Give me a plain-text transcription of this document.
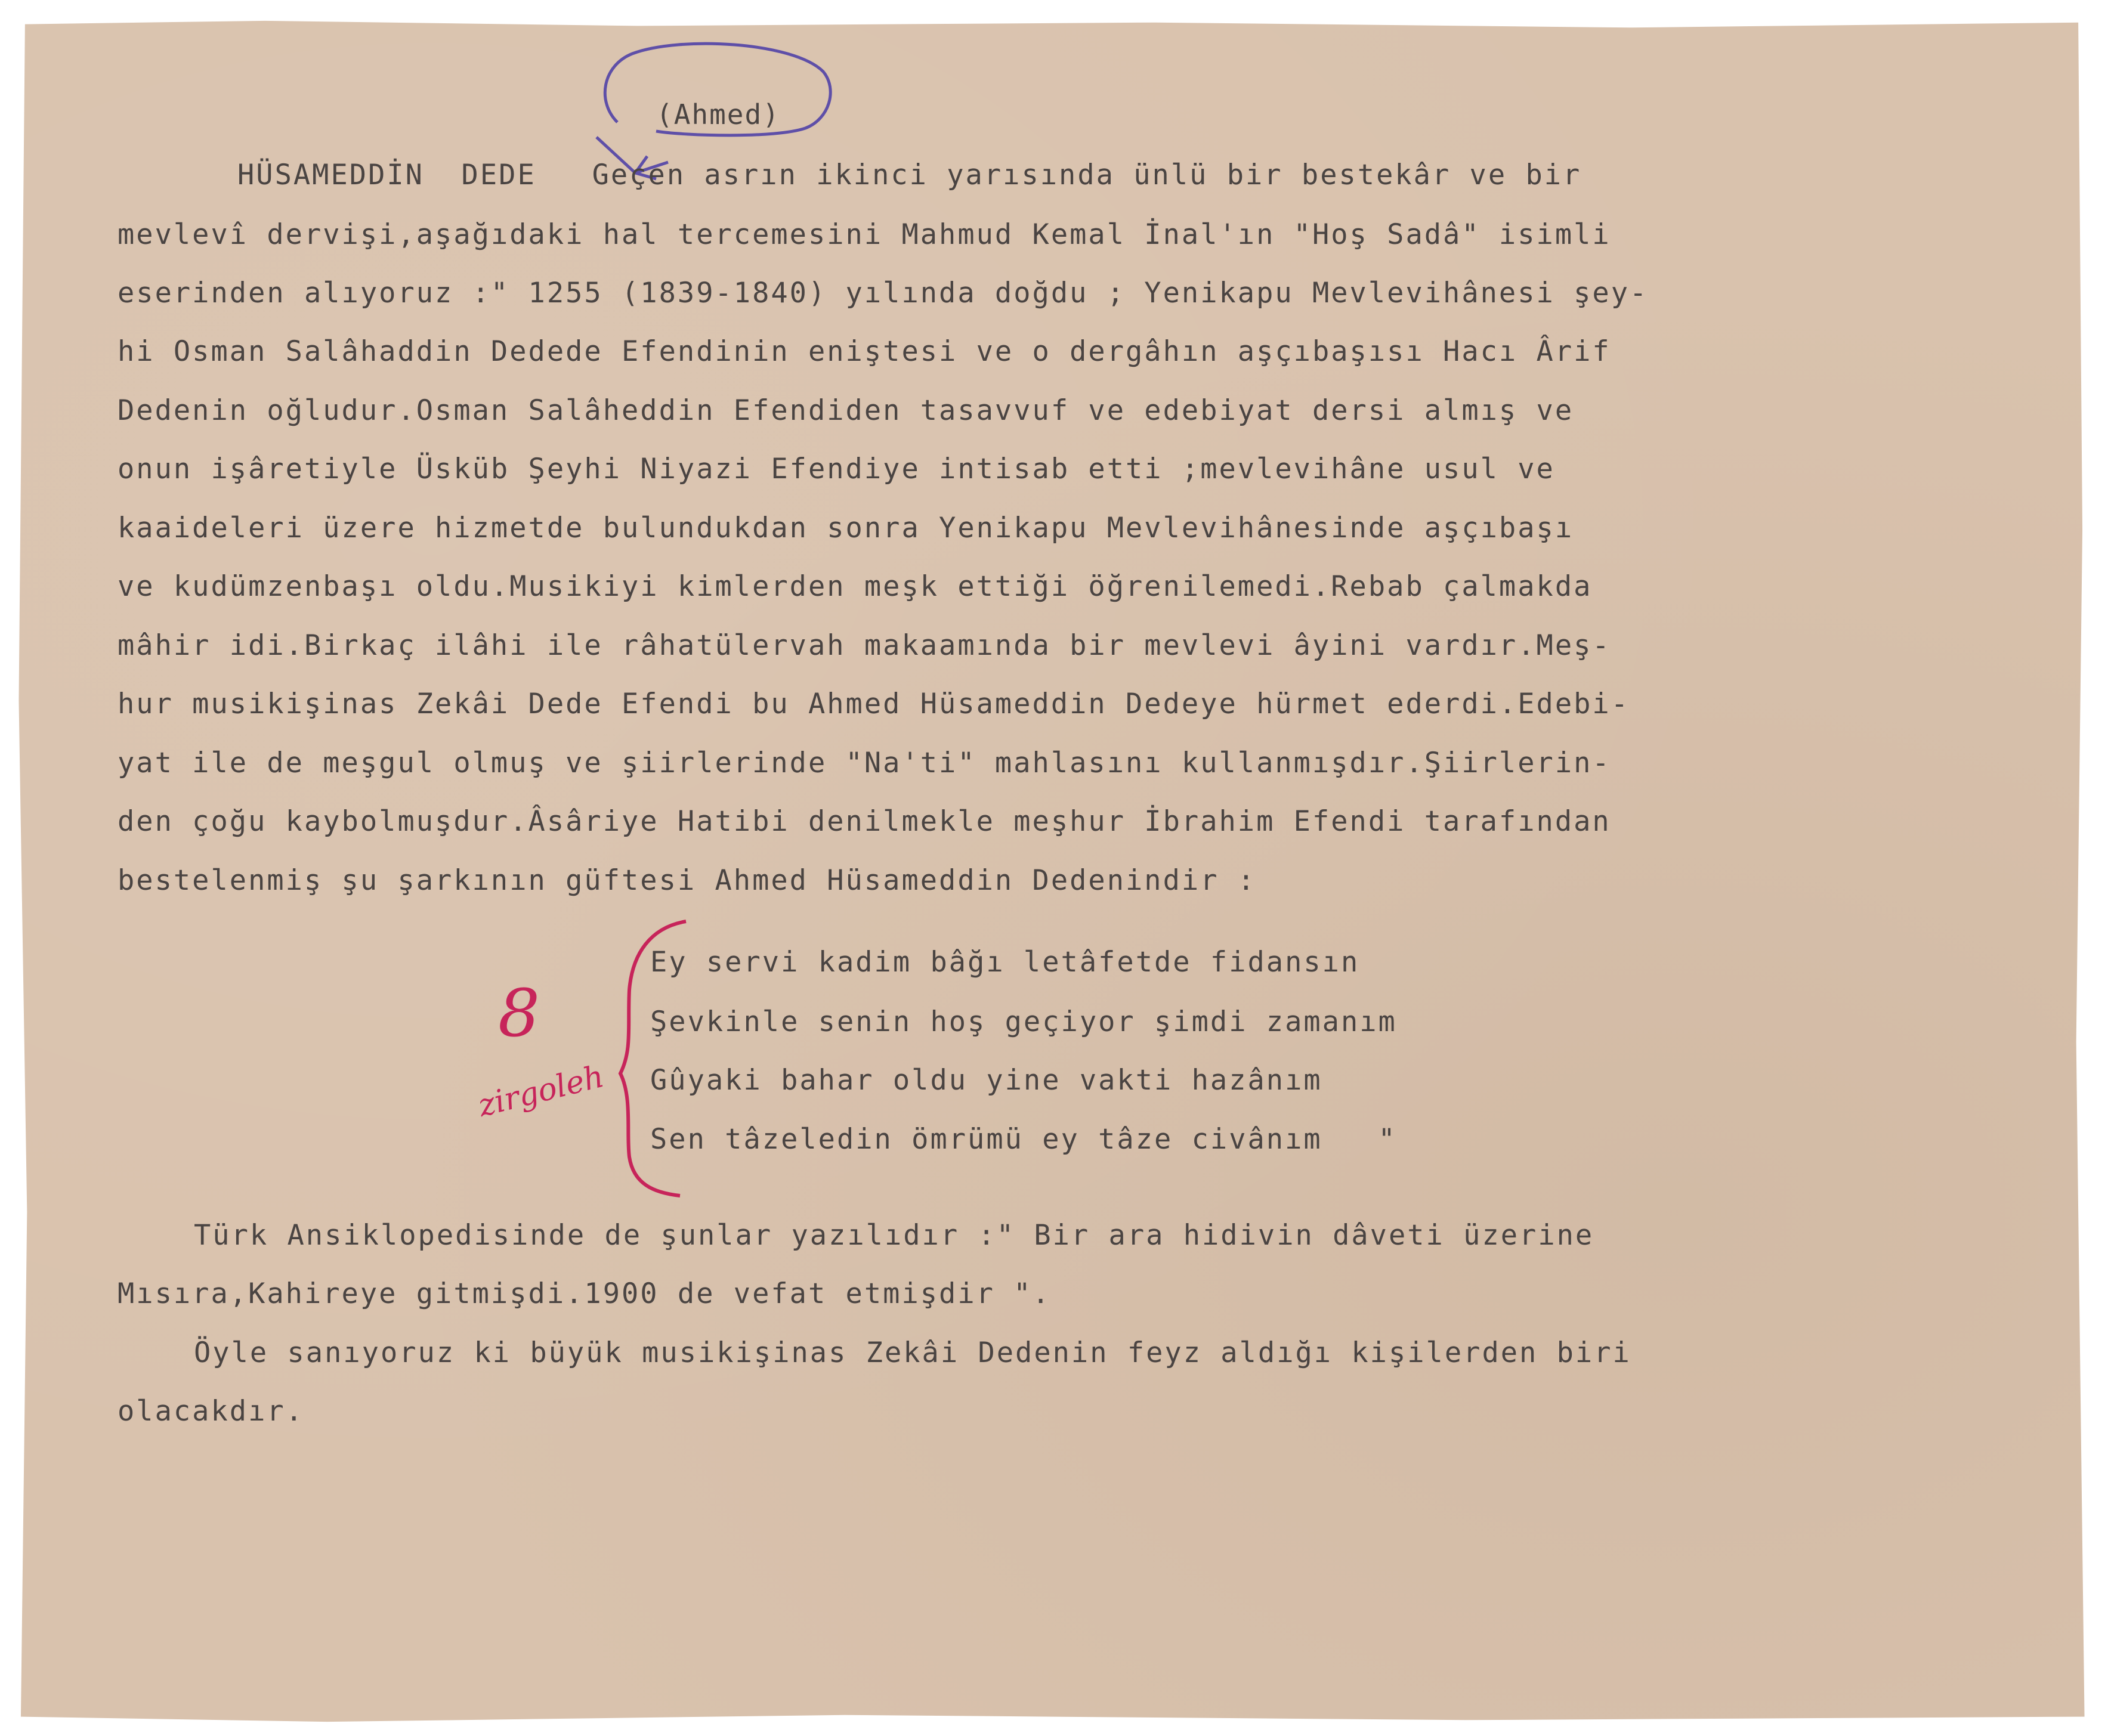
(Ahmed)
8
zirgoleh
HÜSAMEDDİN  DEDE   Geçen asrın ikinci yarısında ünlü bir bestekâr ve bir
mevlevî dervişi,aşağıdaki hal tercemesini Mahmud Kemal İnal'ın "Hoş Sadâ" isimli
eserinden alıyoruz :" 1255 (1839-1840) yılında doğdu ; Yenikapu Mevlevihânesi şey-
hi Osman Salâhaddin Dedede Efendinin eniştesi ve o dergâhın aşçıbaşısı Hacı Ârif
Dedenin oğludur.Osman Salâheddin Efendiden tasavvuf ve edebiyat dersi almış ve
onun işâretiyle Üsküb Şeyhi Niyazi Efendiye intisab etti ;mevlevihâne usul ve
kaaideleri üzere hizmetde bulundukdan sonra Yenikapu Mevlevihânesinde aşçıbaşı
ve kudümzenbaşı oldu.Musikiyi kimlerden meşk ettiği öğrenilemedi.Rebab çalmakda
mâhir idi.Birkaç ilâhi ile râhatülervah makaamında bir mevlevi âyini vardır.Meş-
hur musikişinas Zekâi Dede Efendi bu Ahmed Hüsameddin Dedeye hürmet ederdi.Edebi-
yat ile de meşgul olmuş ve şiirlerinde "Na'ti" mahlasını kullanmışdır.Şiirlerin-
den çoğu kaybolmuşdur.Âsâriye Hatibi denilmekle meşhur İbrahim Efendi tarafından
bestelenmiş şu şarkının güftesi Ahmed Hüsameddin Dedenindir :
Ey servi kadim bâğı letâfetde fidansın
Şevkinle senin hoş geçiyor şimdi zamanım
Gûyaki bahar oldu yine vakti hazânım
Sen tâzeledin ömrümü ey tâze civânım   "
Türk Ansiklopedisinde de şunlar yazılıdır :" Bir ara hidivin dâveti üzerine
Mısıra,Kahireye gitmişdi.1900 de vefat etmişdir ".
Öyle sanıyoruz ki büyük musikişinas Zekâi Dedenin feyz aldığı kişilerden biri
olacakdır.
